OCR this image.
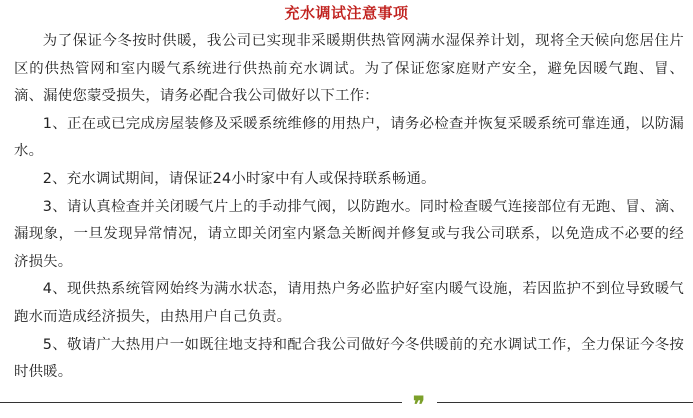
充水调试注意事项

为了保证今冬按时供暖，我公司已实现非采暖期供热管网满水湿保养计划，现将全天候向您居住片区的供热管网和室内暖气系统进行供热前充水调试。为了保证您家庭财产安全，避免因暖气跑、冒、滴、漏使您蒙受损失，请务必配合我公司做好以下工作：

1、正在或已完成房屋装修及采暖系统维修的用热户，请务必检查并恢复采暖系统可靠连通，以防漏水。

2、充水调试期间，请保证24小时家中有人或保持联系畅通。

3、请认真检查并关闭暖气片上的手动排气阀，以防跑水。同时检查暖气连接部位有无跑、冒、滴、漏现象，一旦发现异常情况，请立即关闭室内紧急关断阀并修复或与我公司联系，以免造成不必要的经济损失。

4、现供热系统管网始终为满水状态，请用热户务必监护好室内暖气设施，若因监护不到位导致暖气跑水而造成经济损失，由热用户自己负责。

5、敬请广大热用户一如既往地支持和配合我公司做好今冬供暖前的充水调试工作，全力保证今冬按时供暖。

❞
